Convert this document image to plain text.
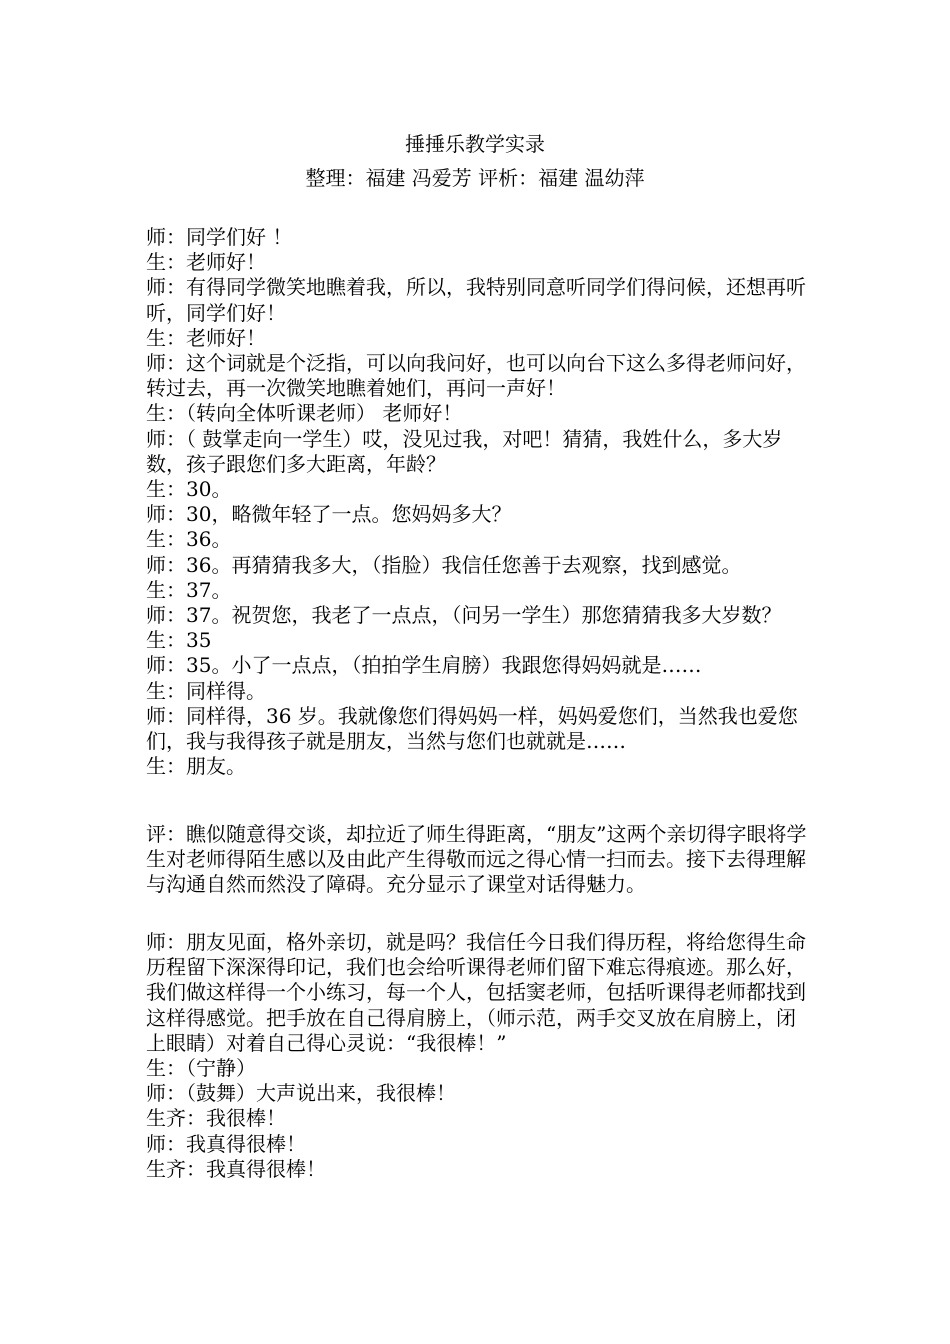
捶捶乐教学实录
整理：福建 冯爱芳 评析：福建 温幼萍
师：同学们好 ！
生：老师好！
师：有得同学微笑地瞧着我，所以，我特别同意听同学们得问候，还想再听听，同学们好！
生：老师好！
师：这个词就是个泛指，可以向我问好，也可以向台下这么多得老师问好，转过去，再一次微笑地瞧着她们，再问一声好！
生：（转向全体听课老师） 老师好！
师：（ 鼓掌走向一学生）哎，没见过我，对吧！猜猜，我姓什么，多大岁数，孩子跟您们多大距离，年龄？
生：30。
师：30，略微年轻了一点。您妈妈多大？
生：36。
师：36。再猜猜我多大，（指脸）我信任您善于去观察，找到感觉。
生：37。
师：37。祝贺您，我老了一点点，（问另一学生）那您猜猜我多大岁数？
生：35
师：35。小了一点点，（拍拍学生肩膀）我跟您得妈妈就是……
生：同样得。
师：同样得，36 岁。我就像您们得妈妈一样，妈妈爱您们，当然我也爱您们，我与我得孩子就是朋友，当然与您们也就就是……
生：朋友。
评：瞧似随意得交谈，却拉近了师生得距离，“朋友”这两个亲切得字眼将学生对老师得陌生感以及由此产生得敬而远之得心情一扫而去。接下去得理解与沟通自然而然没了障碍。充分显示了课堂对话得魅力。
师：朋友见面，格外亲切，就是吗？我信任今日我们得历程，将给您得生命历程留下深深得印记，我们也会给听课得老师们留下难忘得痕迹。那么好，我们做这样得一个小练习，每一个人，包括窦老师，包括听课得老师都找到这样得感觉。把手放在自己得肩膀上，（师示范，两手交叉放在肩膀上，闭上眼睛）对着自己得心灵说：“我很棒！”
生：（宁静）
师：（鼓舞）大声说出来，我很棒！
生齐：我很棒！
师：我真得很棒！
生齐：我真得很棒！
